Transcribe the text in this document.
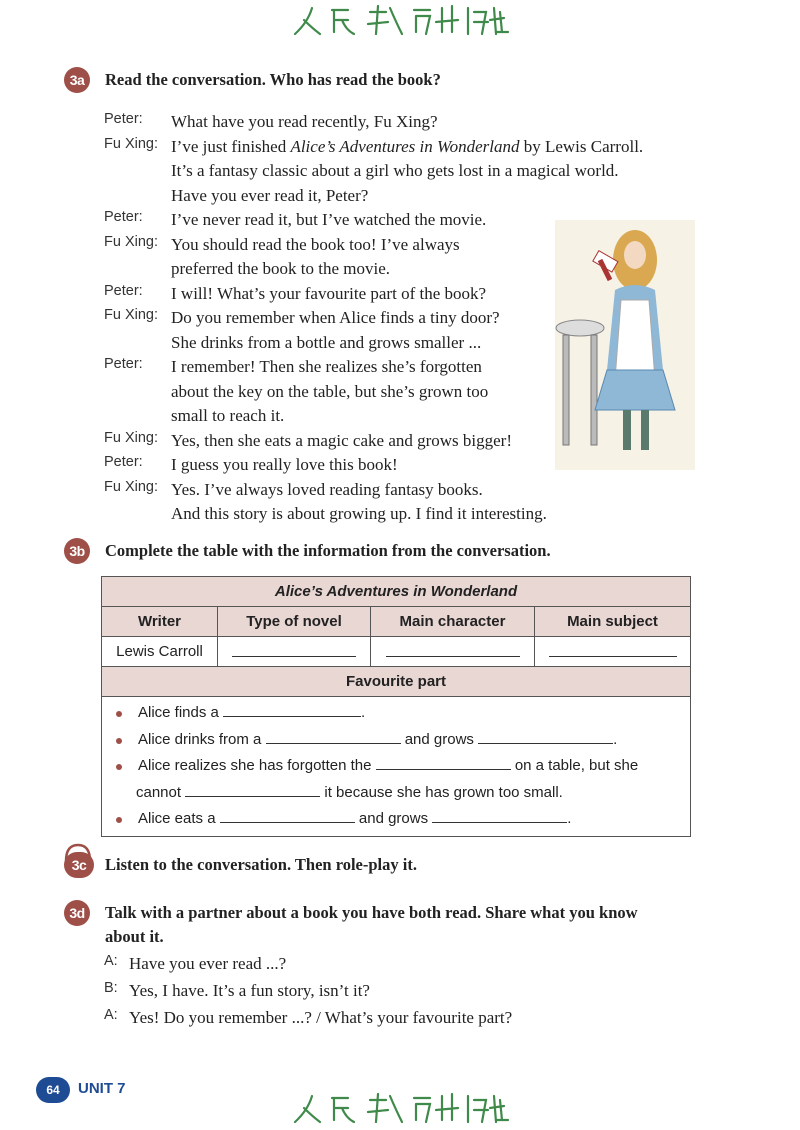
3a	Read the conversation. Who has read the book?
Peter: What have you read recently, Fu Xing?
Fu Xing: I’ve just finished Alice’s Adventures in Wonderland by Lewis Carroll.
It’s a fantasy classic about a girl who gets lost in a magical world.
Have you ever read it, Peter?
Peter: I’ve never read it, but I’ve watched the movie.
Fu Xing: You should read the book too! I’ve always
preferred the book to the movie.
Peter: I will! What’s your favourite part of the book?
Fu Xing: Do you remember when Alice finds a tiny door?
She drinks from a bottle and grows smaller ...
Peter: I remember! Then she realizes she’s forgotten
about the key on the table, but she’s grown too
small to reach it.
Fu Xing: Yes, then she eats a magic cake and grows bigger!
Peter: I guess you really love this book!
Fu Xing: Yes. I’ve always loved reading fantasy books.
And this story is about growing up. I find it interesting.
3b	Complete the table with the information from the conversation.
Alice’s Adventures in Wonderland			
Writer	Type of novel	Main character	Main subject
Lewis Carroll			
Favourite part			

Alice finds a .
Alice drinks from a and grows .
Alice realizes she has forgotten the on a table, but she
cannot it because she has grown too small.
Alice eats a and grows .			
3c	Listen to the conversation. Then role-play it.
3d	Talk with a partner about a book you have both read. Share what you know
about it.
A: Have you ever read ...?
B: Yes, I have. It’s a fun story, isn’t it?
A: Yes! Do you remember ...? / What’s your favourite part?
64	UNIT 7
